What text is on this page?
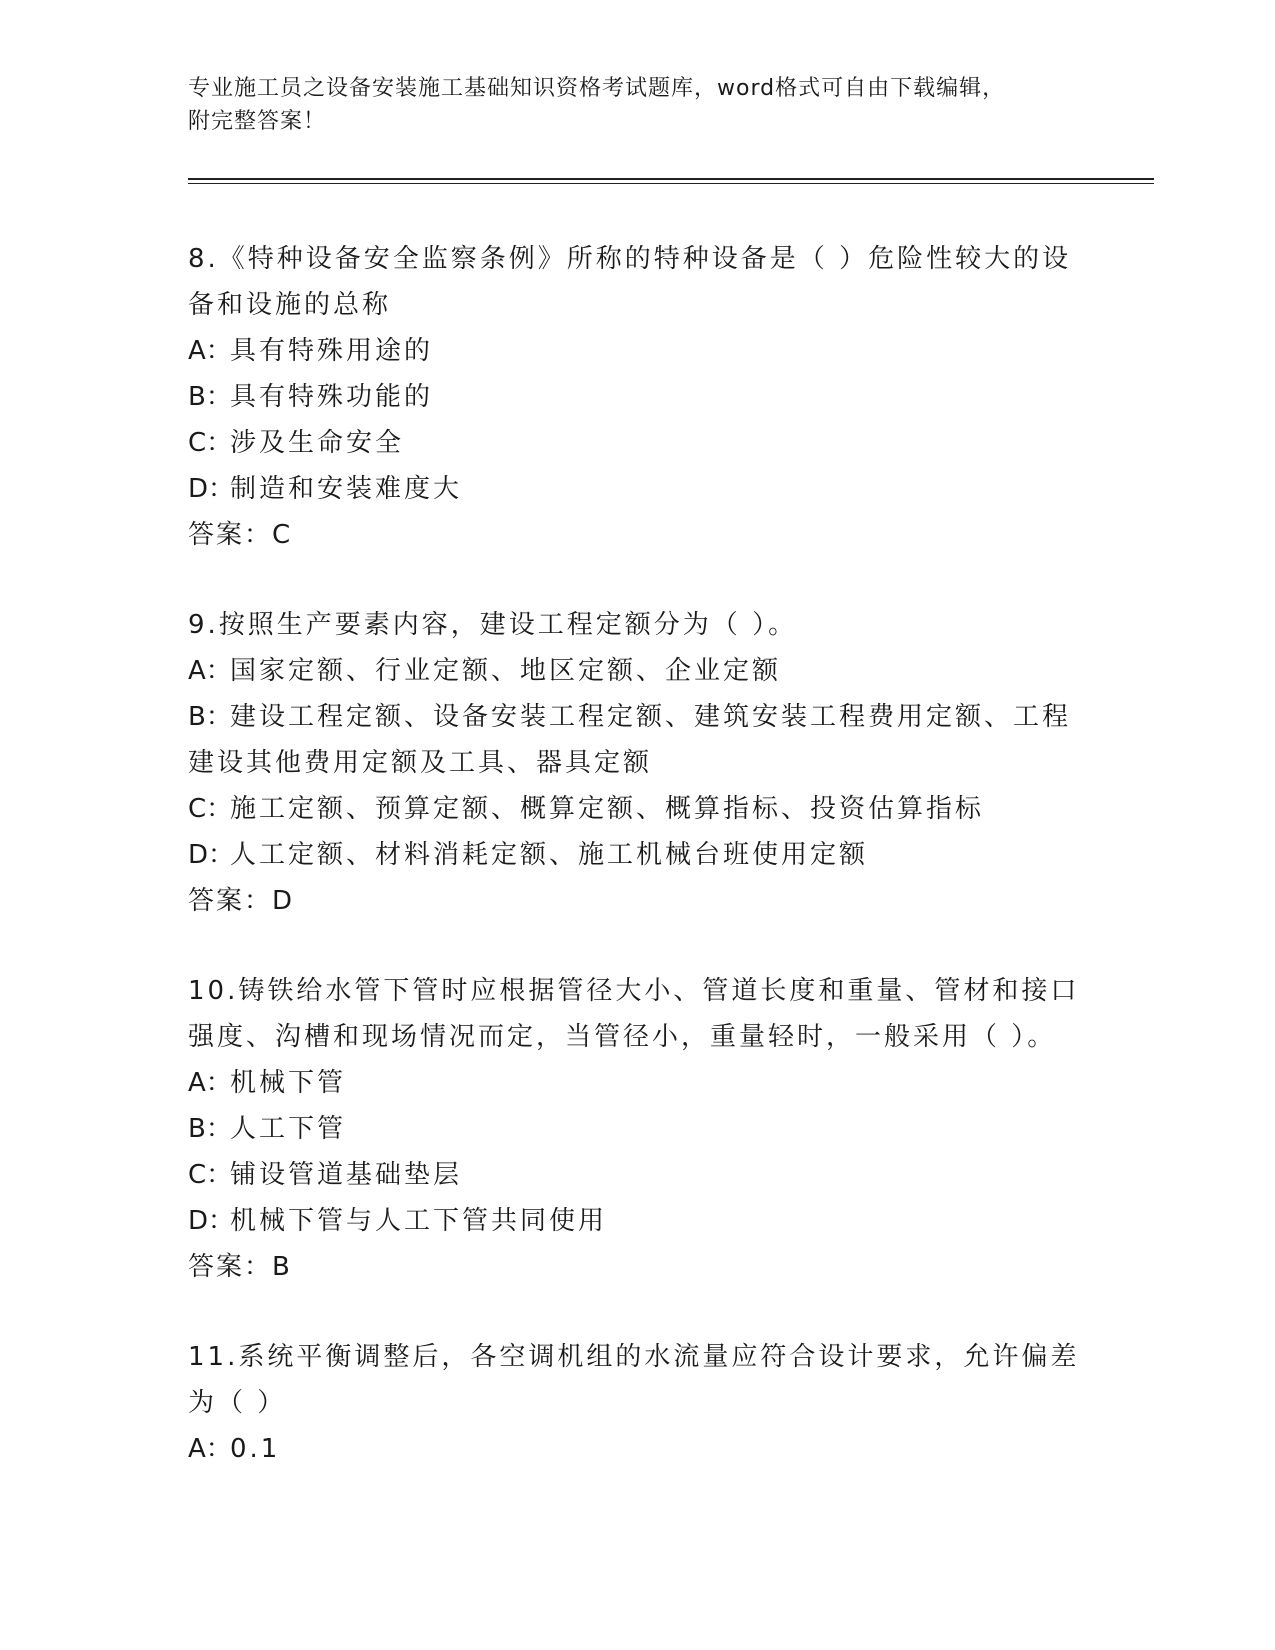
专业施工员之设备安装施工基础知识资格考试题库，word格式可自由下载编辑，
附完整答案！
8.《特种设备安全监察条例》所称的特种设备是（ ）危险性较大的设
备和设施的总称
A：具有特殊用途的
B：具有特殊功能的
C：涉及生命安全
D：制造和安装难度大
答案：C
9.按照生产要素内容，建设工程定额分为（ ）。
A：国家定额、行业定额、地区定额、企业定额
B：建设工程定额、设备安装工程定额、建筑安装工程费用定额、工程
建设其他费用定额及工具、器具定额
C：施工定额、预算定额、概算定额、概算指标、投资估算指标
D：人工定额、材料消耗定额、施工机械台班使用定额
答案：D
10.铸铁给水管下管时应根据管径大小、管道长度和重量、管材和接口
强度、沟槽和现场情况而定，当管径小，重量轻时，一般采用（ ）。
A：机械下管
B：人工下管
C：铺设管道基础垫层
D：机械下管与人工下管共同使用
答案：B
11.系统平衡调整后，各空调机组的水流量应符合设计要求，允许偏差
为（ ）
A：0.1
